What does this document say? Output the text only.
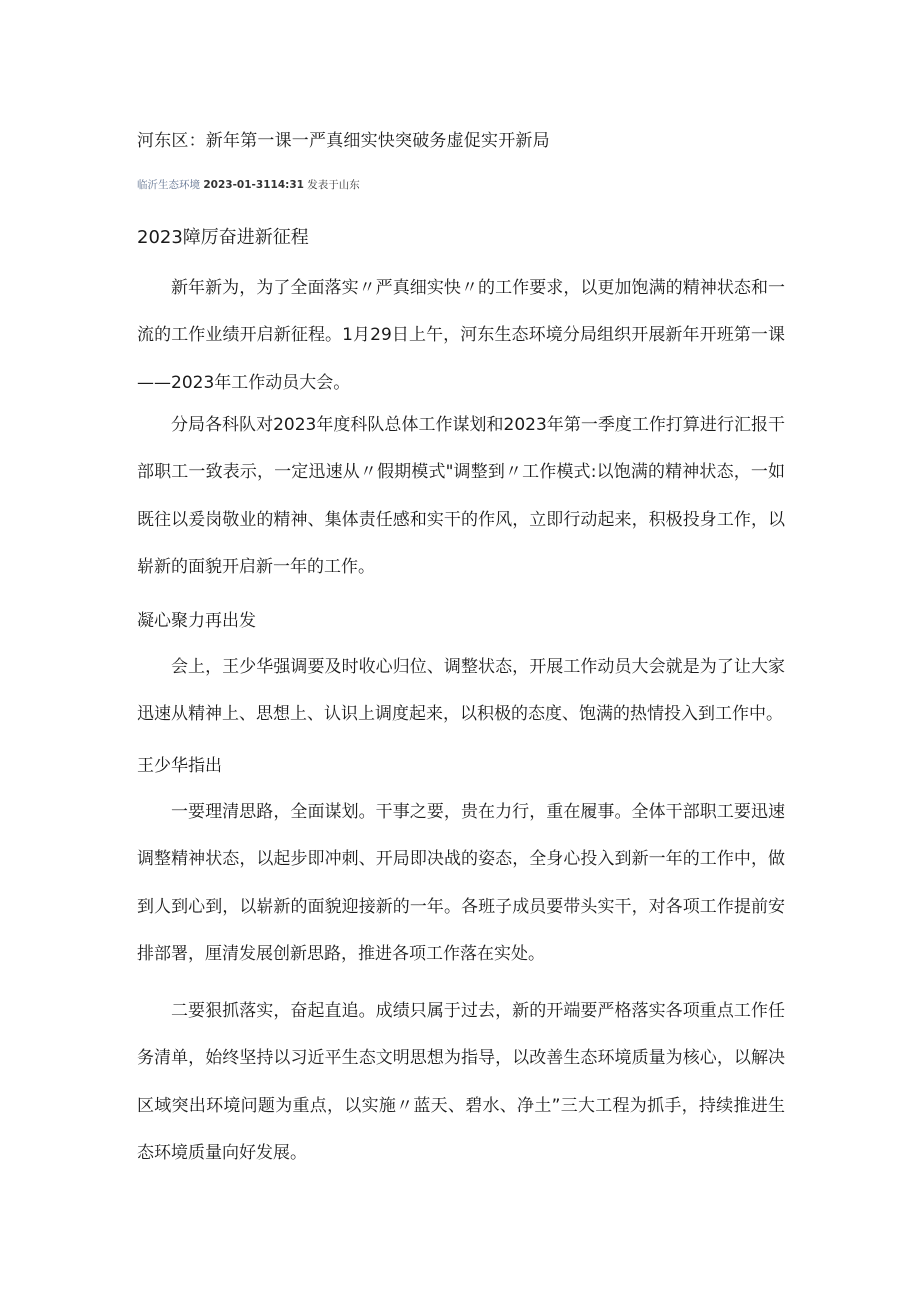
河东区：新年第一课一严真细实快突破务虚促实开新局
临沂生态环境 2023-01-3114:31 发表于山东
2023障厉奋进新征程
新年新为，为了全面落实〃严真细实快〃的工作要求，以更加饱满的精神状态和一流的工作业绩开启新征程。1月29日上午，河东生态环境分局组织开展新年开班第一课——2023年工作动员大会。
分局各科队对2023年度科队总体工作谋划和2023年第一季度工作打算进行汇报干部职工一致表示，一定迅速从〃假期模式"调整到〃工作模式:以饱满的精神状态，一如既往以爰岗敬业的精神、集体责任感和实干的作风，立即行动起来，积极投身工作，以崭新的面貌开启新一年的工作。
凝心聚力再出发
会上，王少华强调要及时收心归位、调整状态，开展工作动员大会就是为了让大家迅速从精神上、思想上、认识上调度起来，以积极的态度、饱满的热情投入到工作中。
王少华指出
一要理清思路，全面谋划。干事之要，贵在力行，重在履事。全体干部职工要迅速调整精神状态，以起步即冲刺、开局即决战的姿态，全身心投入到新一年的工作中，做到人到心到，以崭新的面貌迎接新的一年。各班子成员要带头实干，对各项工作提前安排部署，厘清发展创新思路，推进各项工作落在实处。
二要狠抓落实，奋起直追。成绩只属于过去，新的开端要严格落实各项重点工作任务清单，始终坚持以习近平生态文明思想为指导，以改善生态环境质量为核心，以解决区域突出环境问题为重点，以实施〃蓝天、碧水、净土”三大工程为抓手，持续推进生态环境质量向好发展。
